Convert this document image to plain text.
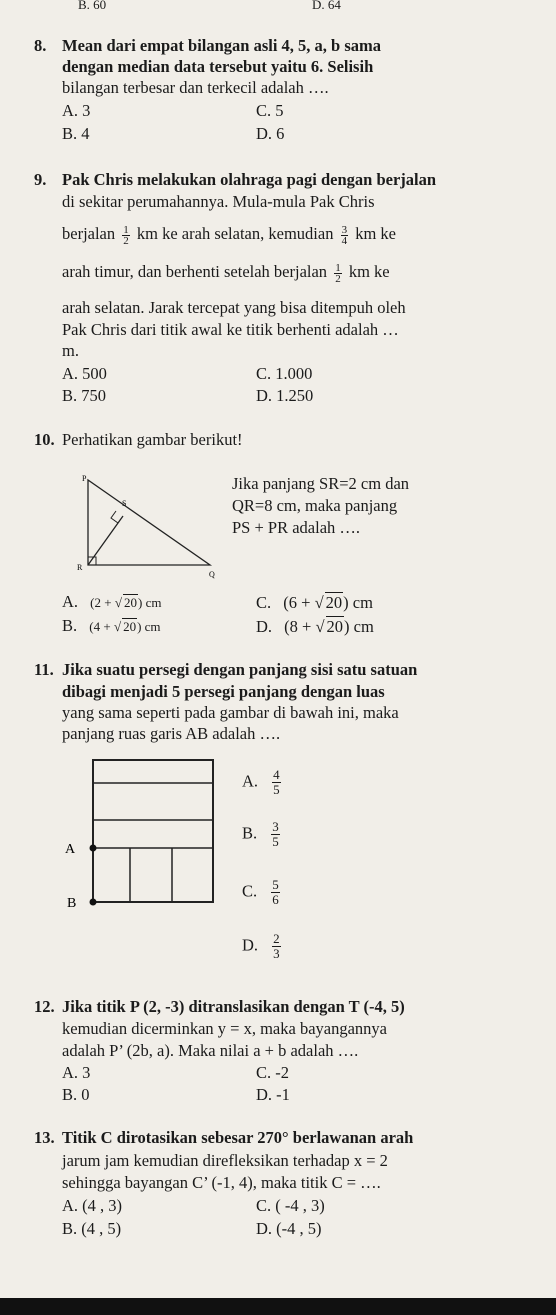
B. 60	D. 64
8. Mean dari empat bilangan asli 4, 5, a, b sama
dengan median data tersebut yaitu 6. Selisih
bilangan terbesar dan terkecil adalah ….
A. 3
B. 4
C. 5
D. 6
9. Pak Chris melakukan olahraga pagi dengan berjalan
di sekitar perumahannya. Mula-mula Pak Chris
berjalan $\frac{1}{2}$ km ke arah selatan, kemudian $\frac{3}{4}$ km ke
arah timur, dan berhenti setelah berjalan $\frac{1}{2}$ km ke
arah selatan. Jarak tercepat yang bisa ditempuh oleh
Pak Chris dari titik awal ke titik berhenti adalah …
m.
A. 500
B. 750
C. 1.000
D. 1.250
10. Perhatikan gambar berikut!
P
S
R
Q
Jika panjang SR=2 cm dan
QR=8 cm, maka panjang
PS + PR adalah ….
A. (2 + √ 20) cm
B. (4 + √ 20) cm
C. (6 + √ 20) cm
D. (8 + √ 20) cm
11. Jika suatu persegi dengan panjang sisi satu satuan
dibagi menjadi 5 persegi panjang dengan luas
yang sama seperti pada gambar di bawah ini, maka
panjang ruas garis AB adalah ….
A
B
A. $\frac{4}{5}$
B. $\frac{3}{5}$
C. $\frac{5}{6}$
D. $\frac{2}{3}$
12. Jika titik P (2, -3) ditranslasikan dengan T (-4, 5)
kemudian dicerminkan y = x, maka bayangannya
adalah P’ (2b, a). Maka nilai a + b adalah ….
A. 3
B. 0
C. -2
D. -1
13. Titik C dirotasikan sebesar 270° berlawanan arah
jarum jam kemudian direfleksikan terhadap x = 2
sehingga bayangan C’ (-1, 4), maka titik C = ….
A. (4 , 3)
B. (4 , 5)
C. ( -4 , 3)
D. (-4 , 5)
